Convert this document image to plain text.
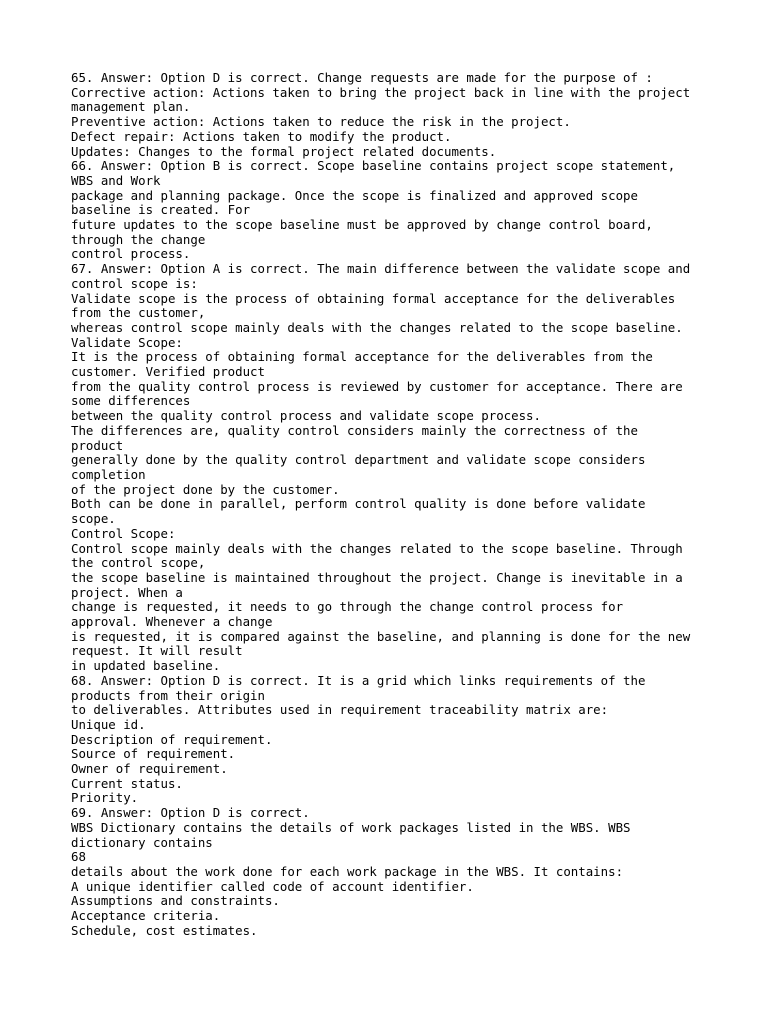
65. Answer: Option D is correct. Change requests are made for the purpose of :
Corrective action: Actions taken to bring the project back in line with the project
management plan.
Preventive action: Actions taken to reduce the risk in the project.
Defect repair: Actions taken to modify the product.
Updates: Changes to the formal project related documents.
66. Answer: Option B is correct. Scope baseline contains project scope statement,
WBS and Work
package and planning package. Once the scope is finalized and approved scope
baseline is created. For
future updates to the scope baseline must be approved by change control board,
through the change
control process.
67. Answer: Option A is correct. The main difference between the validate scope and
control scope is:
Validate scope is the process of obtaining formal acceptance for the deliverables
from the customer,
whereas control scope mainly deals with the changes related to the scope baseline.
Validate Scope:
It is the process of obtaining formal acceptance for the deliverables from the
customer. Verified product
from the quality control process is reviewed by customer for acceptance. There are
some differences
between the quality control process and validate scope process.
The differences are, quality control considers mainly the correctness of the
product
generally done by the quality control department and validate scope considers
completion
of the project done by the customer.
Both can be done in parallel, perform control quality is done before validate
scope.
Control Scope:
Control scope mainly deals with the changes related to the scope baseline. Through
the control scope,
the scope baseline is maintained throughout the project. Change is inevitable in a
project. When a
change is requested, it needs to go through the change control process for
approval. Whenever a change
is requested, it is compared against the baseline, and planning is done for the new
request. It will result
in updated baseline.
68. Answer: Option D is correct. It is a grid which links requirements of the
products from their origin
to deliverables. Attributes used in requirement traceability matrix are:
Unique id.
Description of requirement.
Source of requirement.
Owner of requirement.
Current status.
Priority.
69. Answer: Option D is correct.
WBS Dictionary contains the details of work packages listed in the WBS. WBS
dictionary contains
68
details about the work done for each work package in the WBS. It contains:
A unique identifier called code of account identifier.
Assumptions and constraints.
Acceptance criteria.
Schedule, cost estimates.
